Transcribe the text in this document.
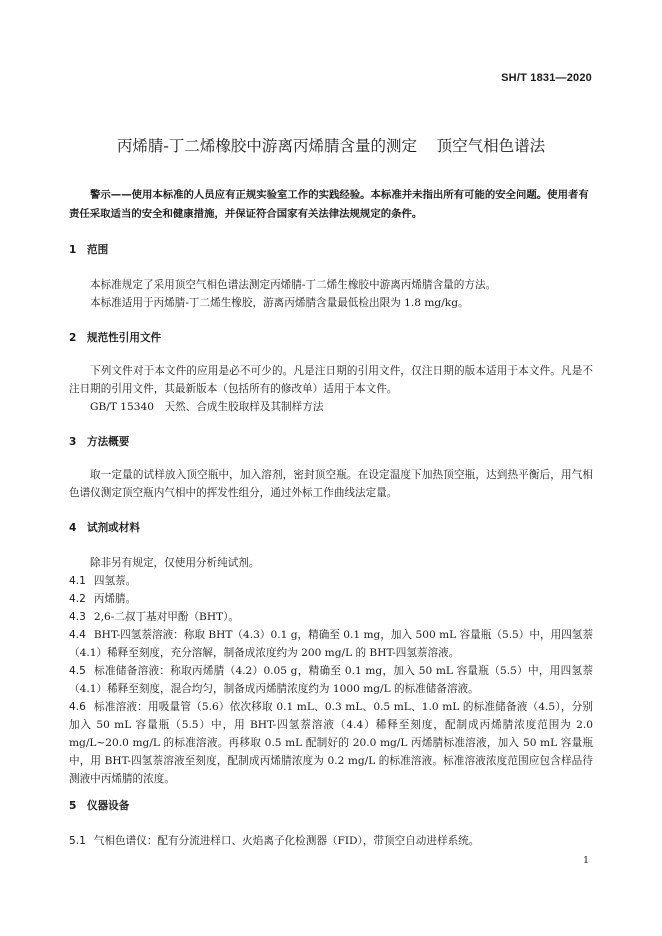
SH/T 1831—2020
丙烯腈-丁二烯橡胶中游离丙烯腈含量的测定    顶空气相色谱法
警示——使用本标准的人员应有正规实验室工作的实践经验。本标准并未指出所有可能的安全问题。使用者有责任采取适当的安全和健康措施，并保证符合国家有关法律法规规定的条件。
1 范围

本标准规定了采用顶空气相色谱法测定丙烯腈-丁二烯生橡胶中游离丙烯腈含量的方法。

本标准适用于丙烯腈-丁二烯生橡胶，游离丙烯腈含量最低检出限为 1.8 mg/kg。

2 规范性引用文件

下列文件对于本文件的应用是必不可少的。凡是注日期的引用文件，仅注日期的版本适用于本文件。凡是不注日期的引用文件，其最新版本（包括所有的修改单）适用于本文件。

GB/T 15340　天然、合成生胶取样及其制样方法

3 方法概要

取一定量的试样放入顶空瓶中，加入溶剂，密封顶空瓶。在设定温度下加热顶空瓶，达到热平衡后，用气相色谱仪测定顶空瓶内气相中的挥发性组分，通过外标工作曲线法定量。

4 试剂或材料

除非另有规定，仅使用分析纯试剂。

4.1 四氢萘。

4.2 丙烯腈。

4.3 2,6-二叔丁基对甲酚（BHT）。

4.4 BHT-四氢萘溶液：称取 BHT（4.3）0.1 g，精确至 0.1 mg，加入 500 mL 容量瓶（5.5）中，用四氢萘（4.1）稀释至刻度，充分溶解，制备成浓度约为 200 mg/L 的 BHT-四氢萘溶液。

4.5 标准储备溶液：称取丙烯腈（4.2）0.05 g，精确至 0.1 mg，加入 50 mL 容量瓶（5.5）中，用四氢萘（4.1）稀释至刻度，混合均匀，制备成丙烯腈浓度约为 1000 mg/L 的标准储备溶液。

4.6 标准溶液：用吸量管（5.6）依次移取 0.1 mL、0.3 mL、0.5 mL、1.0 mL 的标准储备液（4.5），分别加入 50 mL 容量瓶（5.5）中，用 BHT-四氢萘溶液（4.4）稀释至刻度，配制成丙烯腈浓度范围为 2.0 mg/L~20.0 mg/L 的标准溶液。再移取 0.5 mL 配制好的 20.0 mg/L 丙烯腈标准溶液，加入 50 mL 容量瓶中，用 BHT-四氢萘溶液至刻度，配制成丙烯腈浓度为 0.2 mg/L 的标准溶液。标准溶液浓度范围应包含样品待测液中丙烯腈的浓度。

5 仪器设备

5.1 气相色谱仪：配有分流进样口、火焰离子化检测器（FID），带顶空自动进样系统。

1
